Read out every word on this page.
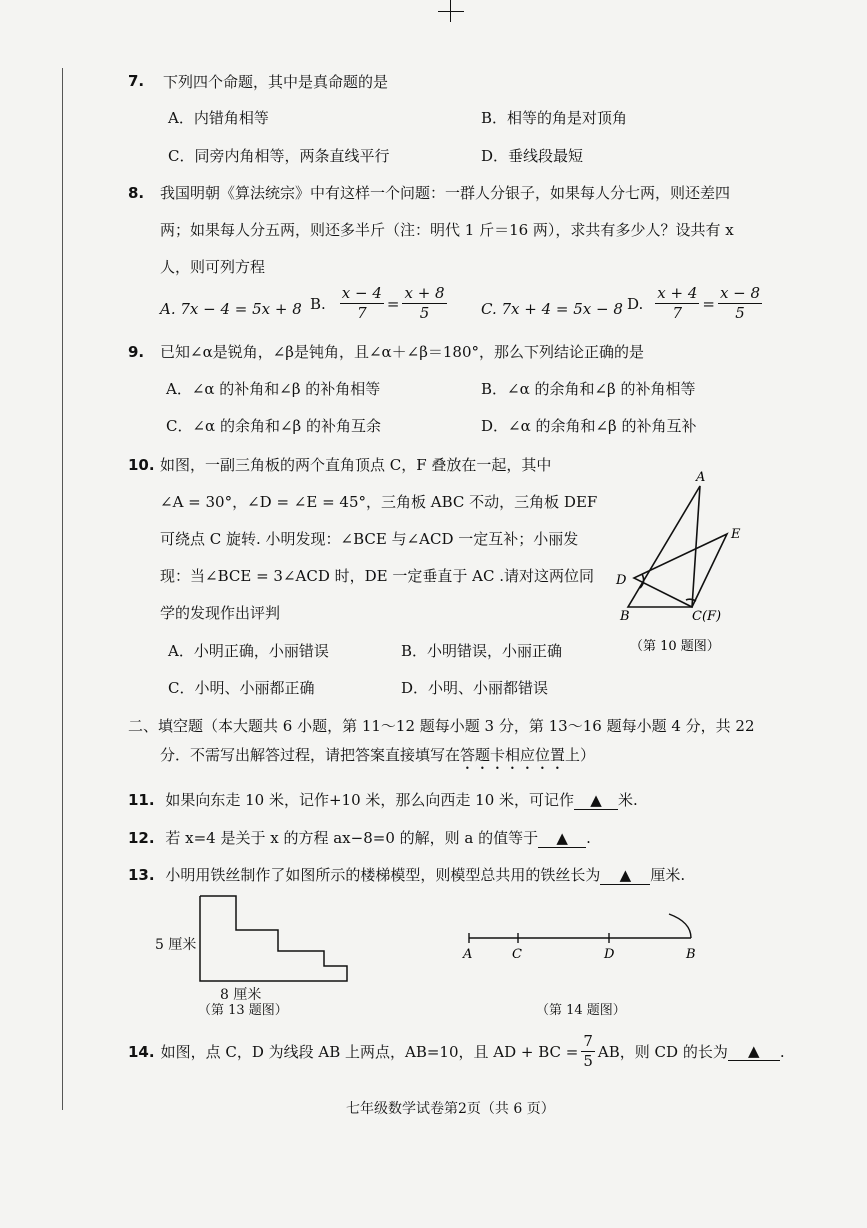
7. 下列四个命题，其中是真命题的是
A．内错角相等	B．相等的角是对顶角
C．同旁内角相等，两条直线平行	D．垂线段最短
8. 我国明朝《算法统宗》中有这样一个问题：一群人分银子，如果每人分七两，则还差四
两；如果每人分五两，则还多半斤（注：明代 1 斤＝16 两），求共有多少人？设共有 x
人，则可列方程
A. 7x − 4 = 5x + 8 B. $\frac{x - 4}{7} = \frac{x + 8}{5} C$. 7x + 4 = 5x − 8 D. $\frac{x + 4}{7} = \frac{x - 8}{5}$
9. 已知∠α是锐角，∠β是钝角，且∠α＋∠β＝180°，那么下列结论正确的是
A．∠α 的补角和∠β 的补角相等	B．∠α 的余角和∠β 的补角相等
C．∠α 的余角和∠β 的补角互余	D．∠α 的余角和∠β 的补角互补
10. 如图，一副三角板的两个直角顶点 C，F 叠放在一起，其中
∠A = 30°，∠D = ∠E = 45°，三角板 ABC 不动，三角板 DEF
可绕点 C 旋转. 小明发现：∠BCE 与∠ACD 一定互补；小丽发
现：当∠BCE = 3∠ACD 时，DE 一定垂直于 AC .请对这两位同
学的发现作出评判
A．小明正确，小丽错误	B．小明错误，小丽正确
C．小明、小丽都正确	D．小明、小丽都错误
A
E
D
B	C(F)
（第 10 题图）
二、填空题（本大题共 6 小题，第 11～12 题每小题 3 分，第 13～16 题每小题 4 分，共 22
分．不需写出解答过程，请把答案直接填写在答题卡相应位置上）
11. 如果向东走 10 米，记作+10 米，那么向西走 10 米，可记作 ▲ 米.
12. 若 x=4 是关于 x 的方程 ax−8=0 的解，则 a 的值等于 ▲ .
13. 小明用铁丝制作了如图所示的楼梯模型，则模型总共用的铁丝长为 ▲ 厘米.
5 厘米
8 厘米
（第 13 题图）
A	C	D	B
（第 14 题图）
14. 如图，点 C，D 为线段 AB 上两点，AB=10，且 AD + BC = $\frac{7}{5}$ AB，则 CD 的长为	▲	.
七年级数学试卷第2页（共 6 页）
